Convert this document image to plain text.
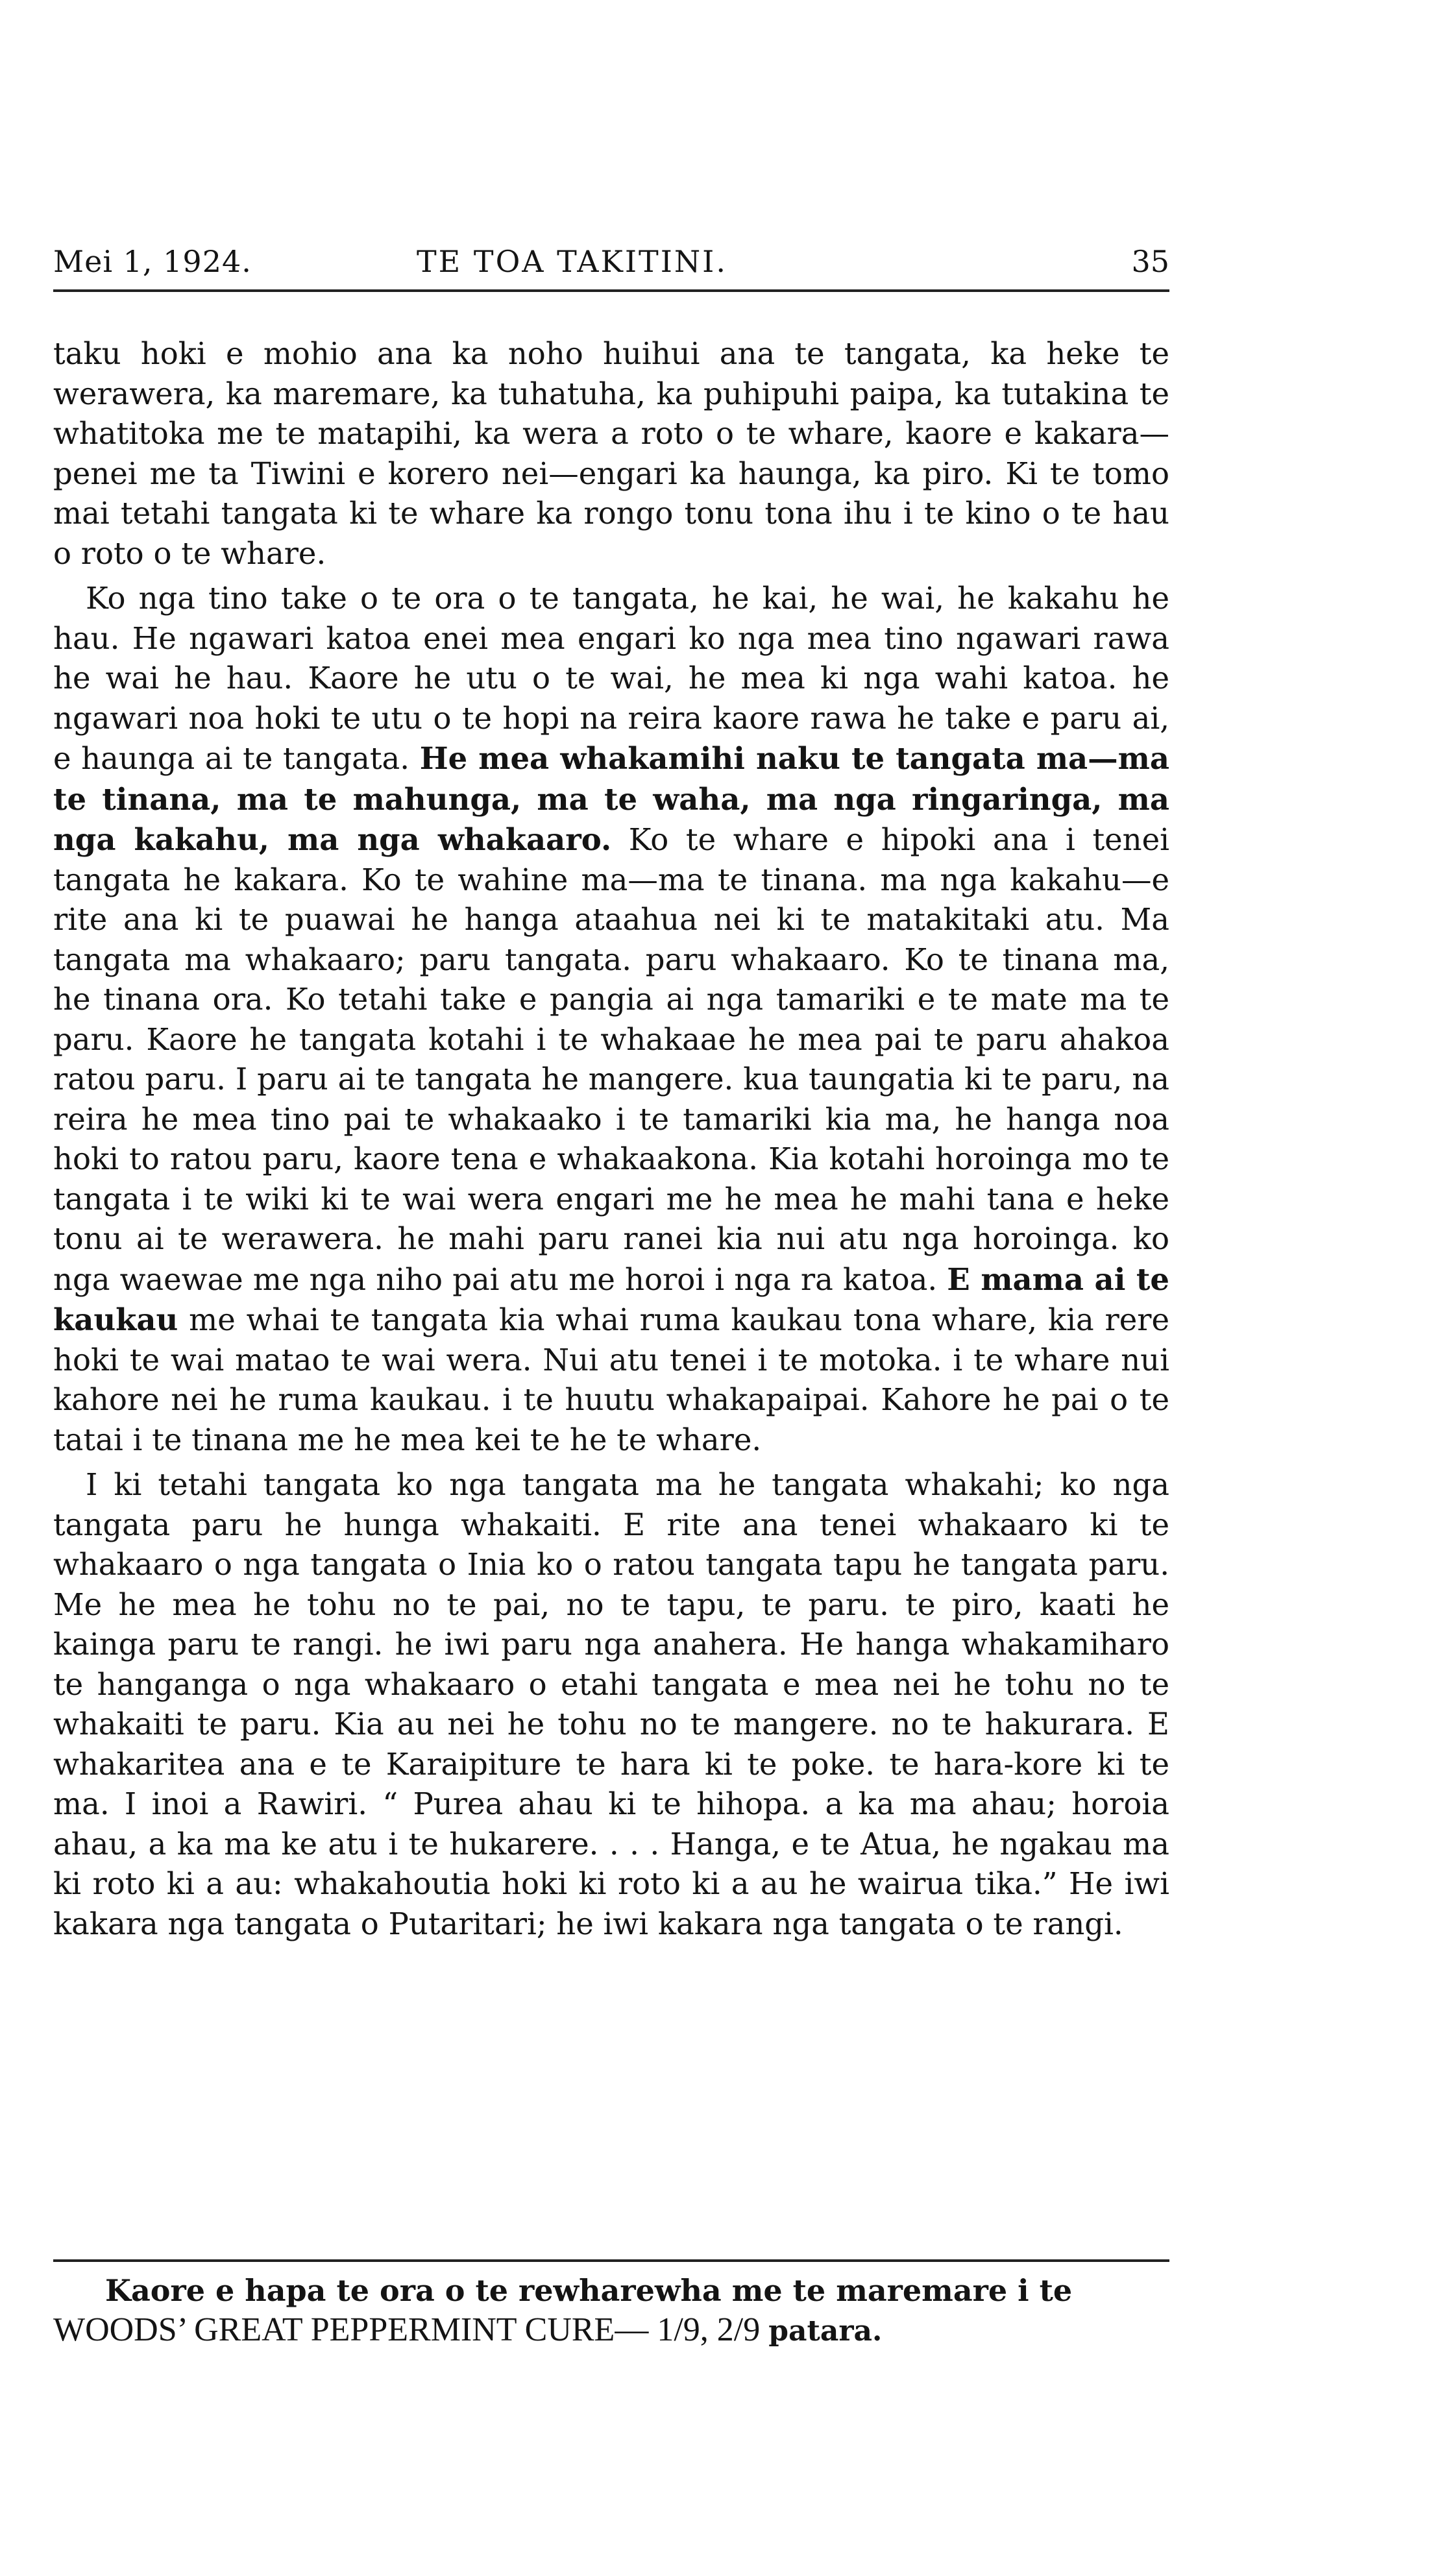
Mei 1, 1924.	TE TOA TAKITINI.	35

taku hoki e mohio ana ka noho huihui ana te tangata, ka heke te werawera, ka maremare, ka tuhatuha, ka puhipuhi paipa, ka tutakina te whatitoka me te matapihi, ka wera a roto o te whare, kaore e kakara—penei me ta Tiwini e korero nei—engari ka haunga, ka piro. Ki te tomo mai tetahi tangata ki te whare ka rongo tonu tona ihu i te kino o te hau o roto o te whare.

Ko nga tino take o te ora o te tangata, he kai, he wai, he kakahu he hau. He ngawari katoa enei mea engari ko nga mea tino ngawari rawa he wai he hau. Kaore he utu o te wai, he mea ki nga wahi katoa. he ngawari noa hoki te utu o te hopi na reira kaore rawa he take e paru ai, e haunga ai te tangata. He mea whakamihi naku te tangata ma—ma te tinana, ma te mahunga, ma te waha, ma nga ringaringa, ma nga kakahu, ma nga whakaaro. Ko te whare e hipoki ana i tenei tangata he kakara. Ko te wahine ma—ma te tinana. ma nga kakahu—e rite ana ki te puawai he hanga ataahua nei ki te matakitaki atu. Ma tangata ma whakaaro; paru tangata. paru whakaaro. Ko te tinana ma, he tinana ora. Ko tetahi take e pangia ai nga tamariki e te mate ma te paru. Kaore he tangata kotahi i te whakaae he mea pai te paru ahakoa ratou paru. I paru ai te tangata he mangere. kua taungatia ki te paru, na reira he mea tino pai te whakaako i te tamariki kia ma, he hanga noa hoki to ratou paru, kaore tena e whakaakona. Kia kotahi horoinga mo te tangata i te wiki ki te wai wera engari me he mea he mahi tana e heke tonu ai te werawera. he mahi paru ranei kia nui atu nga horoinga. ko nga waewae me nga niho pai atu me horoi i nga ra katoa. E mama ai te kaukau me whai te tangata kia whai ruma kaukau tona whare, kia rere hoki te wai matao te wai wera. Nui atu tenei i te motoka. i te whare nui kahore nei he ruma kaukau. i te huutu whakapaipai. Kahore he pai o te tatai i te tinana me he mea kei te he te whare.

I ki tetahi tangata ko nga tangata ma he tangata whakahi; ko nga tangata paru he hunga whakaiti. E rite ana tenei whakaaro ki te whakaaro o nga tangata o Inia ko o ratou tangata tapu he tangata paru. Me he mea he tohu no te pai, no te tapu, te paru. te piro, kaati he kainga paru te rangi. he iwi paru nga anahera. He hanga whakamiharo te hanganga o nga whakaaro o etahi tangata e mea nei he tohu no te whakaiti te paru. Kia au nei he tohu no te mangere. no te hakurara. E whakaritea ana e te Karaipiture te hara ki te poke. te hara-kore ki te ma. I inoi a Rawiri. “ Purea ahau ki te hihopa. a ka ma ahau; horoia ahau, a ka ma ke atu i te hukarere. . . . Hanga, e te Atua, he ngakau ma ki roto ki a au: whakahoutia hoki ki roto ki a au he wairua tika.” He iwi kakara nga tangata o Putaritari; he iwi kakara nga tangata o te rangi.

Kaore e hapa te ora o te rewharewha me te maremare i te
WOODS’ GREAT PEPPERMINT CURE— 1/9, 2/9 patara.
